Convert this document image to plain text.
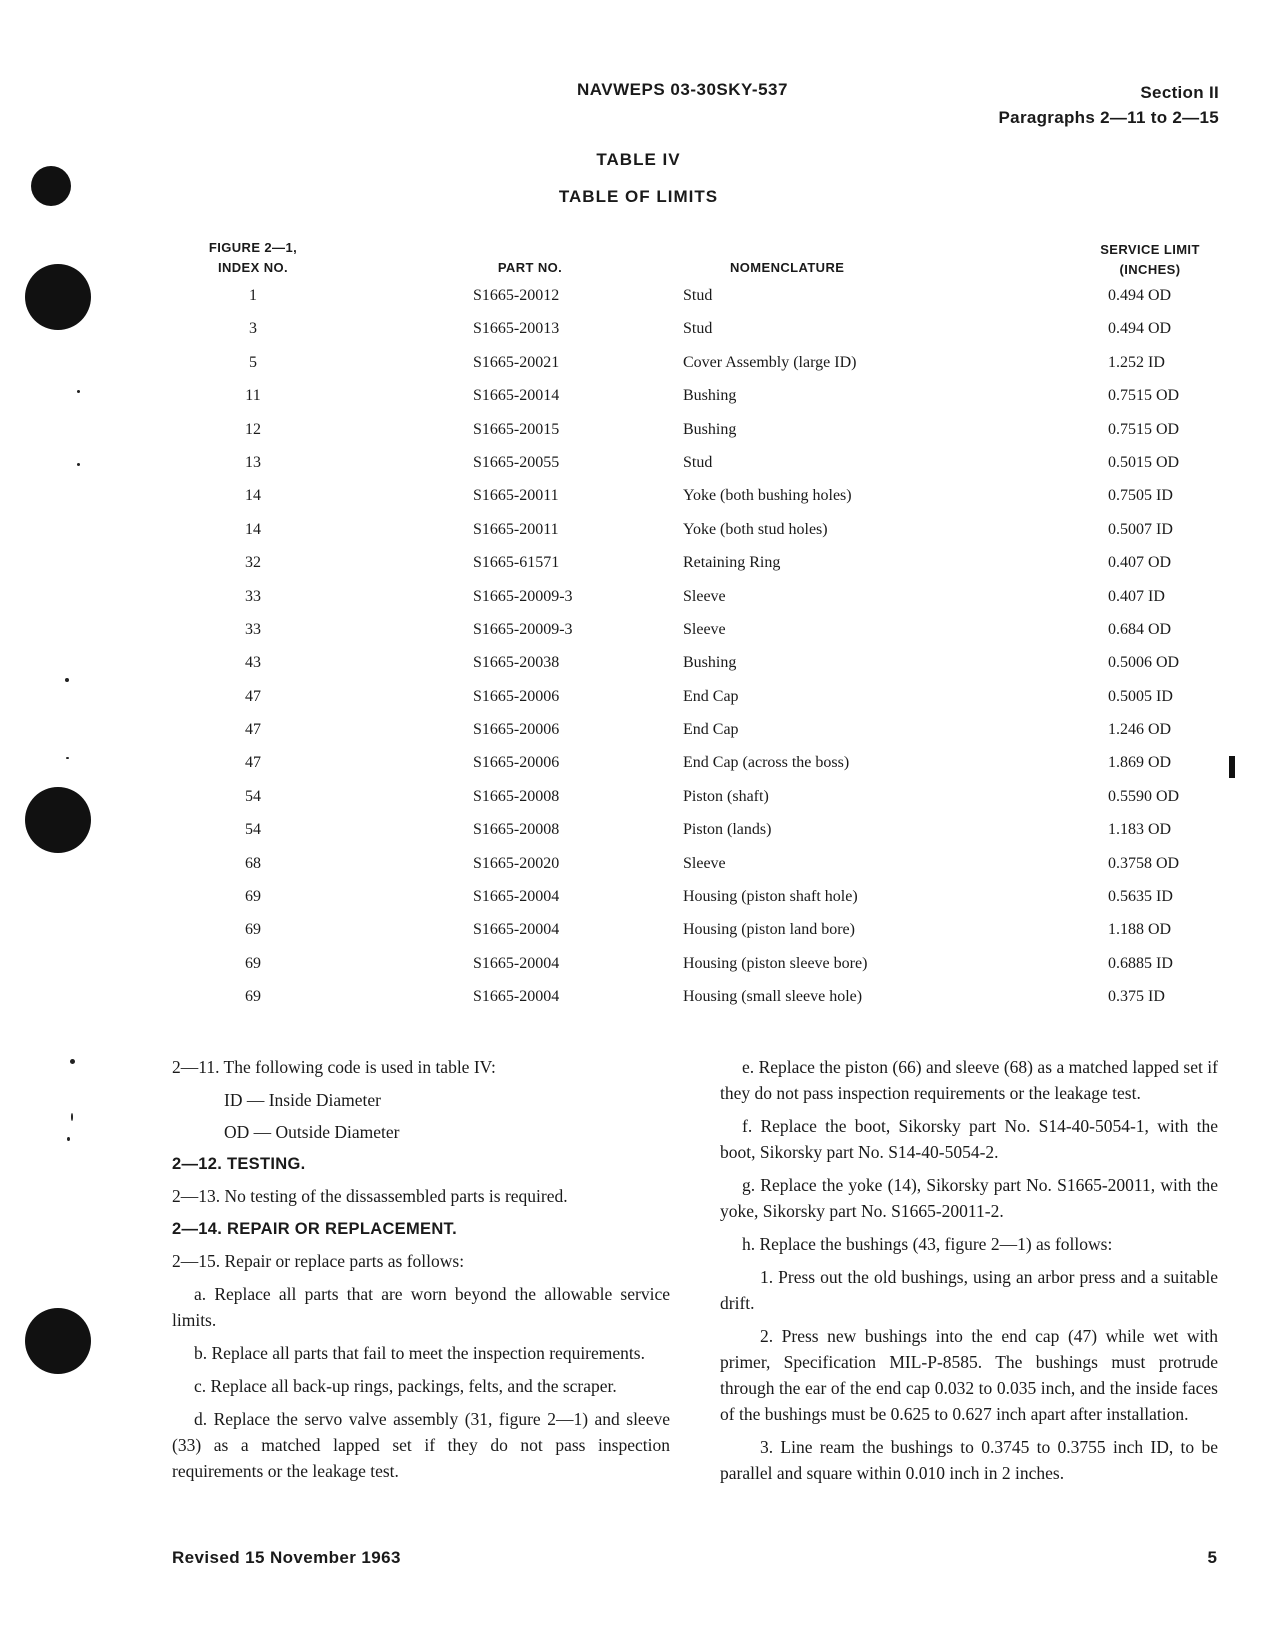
NAVWEPS 03-30SKY-537	Section II
Paragraphs 2—11 to 2—15
TABLE IV
TABLE OF LIMITS
FIGURE 2—1,
INDEX NO.	PART NO.	NOMENCLATURE
SERVICE LIMIT
(INCHES)
1	S1665-20012	Stud	0.494 OD
3	S1665-20013	Stud	0.494 OD
5	S1665-20021	Cover Assembly (large ID)	1.252 ID
11	S1665-20014	Bushing	0.7515 OD
12	S1665-20015	Bushing	0.7515 OD
13	S1665-20055	Stud	0.5015 OD
14	S1665-20011	Yoke (both bushing holes)	0.7505 ID
14	S1665-20011	Yoke (both stud holes)	0.5007 ID
32	S1665-61571	Retaining Ring	0.407 OD
33	S1665-20009-3	Sleeve	0.407 ID
33	S1665-20009-3	Sleeve	0.684 OD
43	S1665-20038	Bushing	0.5006 OD
47	S1665-20006	End Cap	0.5005 ID
47	S1665-20006	End Cap	1.246 OD
47	S1665-20006	End Cap (across the boss)	1.869 OD
54	S1665-20008	Piston (shaft)	0.5590 OD
54	S1665-20008	Piston (lands)	1.183 OD
68	S1665-20020	Sleeve	0.3758 OD
69	S1665-20004	Housing (piston shaft hole)	0.5635 ID
69	S1665-20004	Housing (piston land bore)	1.188 OD
69	S1665-20004	Housing (piston sleeve bore)	0.6885 ID
69	S1665-20004	Housing (small sleeve hole)	0.375 ID

2—11. The following code is used in table IV:

ID — Inside Diameter

OD — Outside Diameter

2—12. TESTING.

2—13. No testing of the dissassembled parts is required.

2—14. REPAIR OR REPLACEMENT.

2—15. Repair or replace parts as follows:

a. Replace all parts that are worn beyond the allowable service limits.

b. Replace all parts that fail to meet the inspection requirements.

c. Replace all back-up rings, packings, felts, and the scraper.

d. Replace the servo valve assembly (31, figure 2—1) and sleeve (33) as a matched lapped set if they do not pass inspection requirements or the leakage test.

e. Replace the piston (66) and sleeve (68) as a matched lapped set if they do not pass inspection requirements or the leakage test.

f. Replace the boot, Sikorsky part No. S14-40-5054-1, with the boot, Sikorsky part No. S14-40-5054-2.

g. Replace the yoke (14), Sikorsky part No. S1665-20011, with the yoke, Sikorsky part No. S1665-20011-2.

h. Replace the bushings (43, figure 2—1) as follows:

1. Press out the old bushings, using an arbor press and a suitable drift.

2. Press new bushings into the end cap (47) while wet with primer, Specification MIL-P-8585. The bushings must protrude through the ear of the end cap 0.032 to 0.035 inch, and the inside faces of the bushings must be 0.625 to 0.627 inch apart after installation.

3. Line ream the bushings to 0.3745 to 0.3755 inch ID, to be parallel and square within 0.010 inch in 2 inches.

Revised 15 November 1963	5
